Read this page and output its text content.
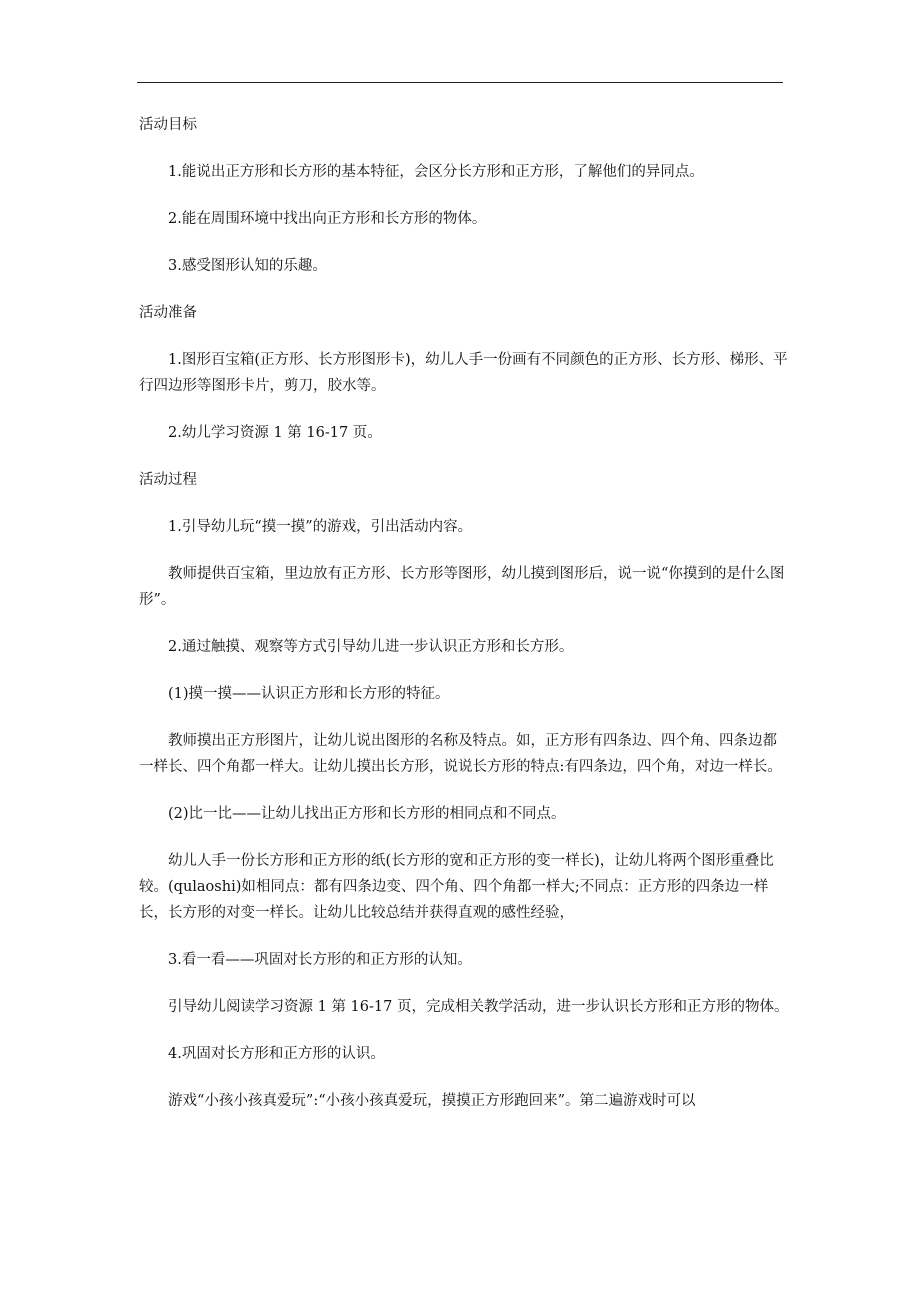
活动目标

1.能说出正方形和长方形的基本特征，会区分长方形和正方形，了解他们的异同点。

2.能在周围环境中找出向正方形和长方形的物体。

3.感受图形认知的乐趣。

活动准备

1.图形百宝箱(正方形、长方形图形卡)，幼儿人手一份画有不同颜色的正方形、长方形、梯形、平行四边形等图形卡片，剪刀，胶水等。

2.幼儿学习资源 1 第 16-17 页。

活动过程

1.引导幼儿玩“摸一摸”的游戏，引出活动内容。

教师提供百宝箱，里边放有正方形、长方形等图形，幼儿摸到图形后，说一说“你摸到的是什么图形”。

2.通过触摸、观察等方式引导幼儿进一步认识正方形和长方形。

(1)摸一摸——认识正方形和长方形的特征。

教师摸出正方形图片，让幼儿说出图形的名称及特点。如，正方形有四条边、四个角、四条边都一样长、四个角都一样大。让幼儿摸出长方形，说说长方形的特点:有四条边，四个角，对边一样长。

(2)比一比——让幼儿找出正方形和长方形的相同点和不同点。

幼儿人手一份长方形和正方形的纸(长方形的宽和正方形的变一样长)，让幼儿将两个图形重叠比较。(qulaoshi)如相同点：都有四条边变、四个角、四个角都一样大;不同点：正方形的四条边一样长，长方形的对变一样长。让幼儿比较总结并获得直观的感性经验，

3.看一看——巩固对长方形的和正方形的认知。

引导幼儿阅读学习资源 1 第 16-17 页，完成相关教学活动，进一步认识长方形和正方形的物体。

4.巩固对长方形和正方形的认识。

游戏“小孩小孩真爱玩”:“小孩小孩真爱玩，摸摸正方形跑回来”。第二遍游戏时可以
